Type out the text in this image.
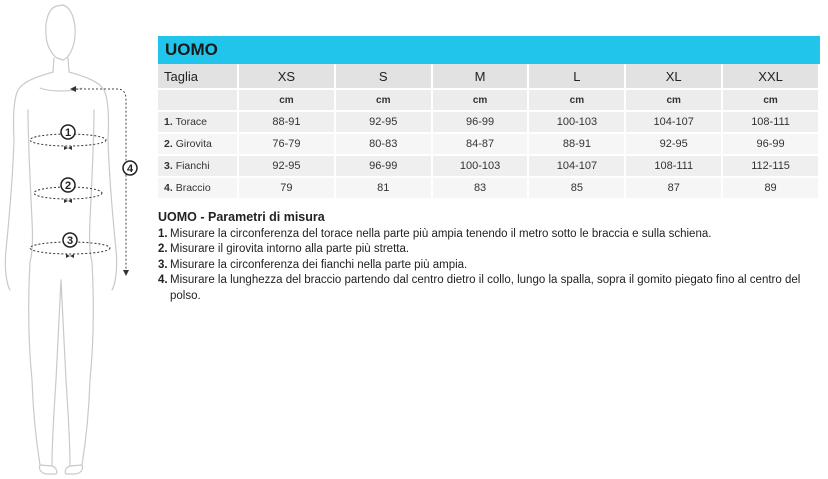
1
2
3
4
UOMO
Taglia	XS	S	M	L	XL	XXL
	cm	cm	cm	cm	cm	cm
1. Torace	88-91	92-95	96-99	100-103	104-107	108-111
2. Girovita	76-79	80-83	84-87	88-91	92-95	96-99
3. Fianchi	92-95	96-99	100-103	104-107	108-111	112-115
4. Braccio	79	81	83	85	87	89
UOMO - Parametri di misura
1. Misurare la circonferenza del torace nella parte più ampia tenendo il metro sotto le braccia e sulla schiena.
2. Misurare il girovita intorno alla parte più stretta.
3. Misurare la circonferenza dei fianchi nella parte più ampia.
4. Misurare la lunghezza del braccio partendo dal centro dietro il collo, lungo la spalla, sopra il gomito piegato fino al centro del polso.
